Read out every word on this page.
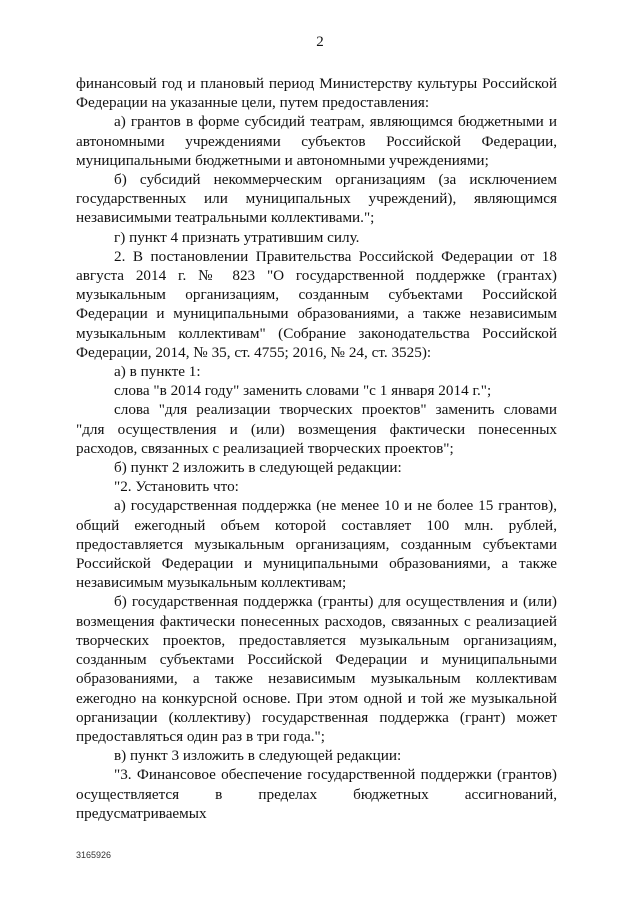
2

финансовый год и плановый период Министерству культуры Российской Федерации на указанные цели, путем предоставления:

а) грантов в форме субсидий театрам, являющимся бюджетными и автономными учреждениями субъектов Российской Федерации, муниципальными бюджетными и автономными учреждениями;

б) субсидий некоммерческим организациям (за исключением государственных или муниципальных учреждений), являющимся независимыми театральными коллективами.";

г) пункт 4 признать утратившим силу.

2. В постановлении Правительства Российской Федерации от 18 августа 2014 г. № 823 "О государственной поддержке (грантах) музыкальным организациям, созданным субъектами Российской Федерации и муниципальными образованиями, а также независимым музыкальным коллективам" (Собрание законодательства Российской Федерации, 2014, № 35, ст. 4755; 2016, № 24, ст. 3525):

а) в пункте 1:

слова "в 2014 году" заменить словами "с 1 января 2014 г.";

слова "для реализации творческих проектов" заменить словами "для осуществления и (или) возмещения фактически понесенных расходов, связанных с реализацией творческих проектов";

б) пункт 2 изложить в следующей редакции:

"2. Установить что:

а) государственная поддержка (не менее 10 и не более 15 грантов), общий ежегодный объем которой составляет 100 млн. рублей, предоставляется музыкальным организациям, созданным субъектами Российской Федерации и муниципальными образованиями, а также независимым музыкальным коллективам;

б) государственная поддержка (гранты) для осуществления и (или) возмещения фактически понесенных расходов, связанных с реализацией творческих проектов, предоставляется музыкальным организациям, созданным субъектами Российской Федерации и муниципальными образованиями, а также независимым музыкальным коллективам ежегодно на конкурсной основе. При этом одной и той же музыкальной организации (коллективу) государственная поддержка (грант) может предоставляться один раз в три года.";

в) пункт 3 изложить в следующей редакции:

"3. Финансовое обеспечение государственной поддержки (грантов) осуществляется в пределах бюджетных ассигнований, предусматриваемых

3165926
